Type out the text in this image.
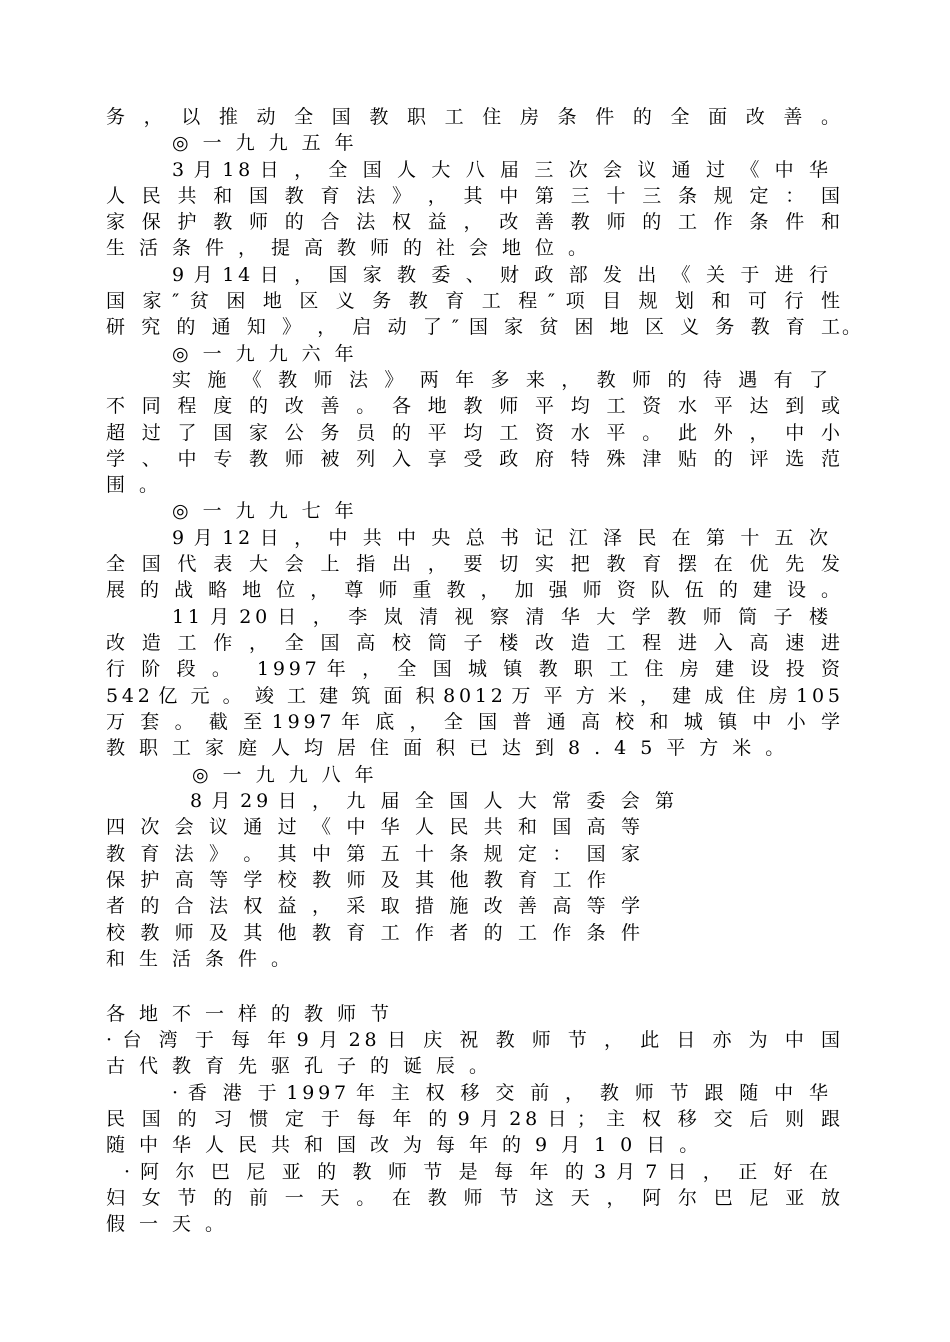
务 ， 以 推 动 全 国 教 职 工 住 房 条 件 的 全 面 改 善 。
◎一九九五年
3 月 1 8 日 ， 全 国 人 大 八 届 三 次 会 议 通 过 《 中 华
人 民 共 和 国 教 育 法 》 ， 其 中 第 三 十 三 条 规 定 ： 国
家 保 护 教 师 的 合 法 权 益 ， 改 善 教 师 的 工 作 条 件 和
生活条件，提高教师的社会地位。
9 月 1 4 日 ， 国 家 教 委 、 财 政 部 发 出 《 关 于 进 行
国 家 ″ 贫 困 地 区 义 务 教 育 工 程 ″ 项 目 规 划 和 可 行 性
研 究 的 通 知 》 ， 启 动 了 ″ 国 家 贫 困 地 区 义 务 教 育 工 。
◎一九九六年
实 施 《 教 师 法 》 两 年 多 来 ， 教 师 的 待 遇 有 了
不 同 程 度 的 改 善 。 各 地 教 师 平 均 工 资 水 平 达 到 或
超 过 了 国 家 公 务 员 的 平 均 工 资 水 平 。 此 外 ， 中 小
学 、 中 专 教 师 被 列 入 享 受 政 府 特 殊 津 贴 的 评 选 范
围。
◎一九九七年
9 月 1 2 日 ， 中 共 中 央 总 书 记 江 泽 民 在 第 十 五 次
全 国 代 表 大 会 上 指 出 ， 要 切 实 把 教 育 摆 在 优 先 发
展 的 战 略 地 位 ， 尊 师 重 教 ， 加 强 师 资 队 伍 的 建 设 。
1 1 月 2 0 日 ， 李 岚 清 视 察 清 华 大 学 教 师 筒 子 楼
改 造 工 作 ， 全 国 高 校 筒 子 楼 改 造 工 程 进 入 高 速 进
行 阶 段 。   1 9 9 7 年 ， 全 国 城 镇 教 职 工 住 房 建 设 投 资
5 4 2 亿 元 。 竣 工 建 筑 面 积 8 0 1 2 万 平 方 米 ， 建 成 住 房 1 0 5
万 套 。 截 至 1 9 9 7 年 底 ， 全 国 普 通 高 校 和 城 镇 中 小 学
教职工家庭人均居住面积已达到8.45平方米。
◎一九九八年
8 月 2 9 日 ， 九 届 全 国 人 大 常 委 会 第
四 次 会 议 通 过 《 中 华 人 民 共 和 国 高 等
教 育 法 》 。 其 中 第 五 十 条 规 定 ： 国 家
保 护 高 等 学 校 教 师 及 其 他 教 育 工 作
者 的 合 法 权 益 ， 采 取 措 施 改 善 高 等 学
校 教 师 及 其 他 教 育 工 作 者 的 工 作 条 件
和生活条件。
各地不一样的教师节
· 台 湾 于 每 年 9 月 2 8 日 庆 祝 教 师 节 ， 此 日 亦 为 中 国
古代教育先驱孔子的诞辰。
· 香 港 于 1 9 9 7 年 主 权 移 交 前 ， 教 师 节 跟 随 中 华
民 国 的 习 惯 定 于 每 年 的 9 月 2 8 日 ； 主 权 移 交 后 则 跟
随中华人民共和国改为每年的9月10日。
· 阿 尔 巴 尼 亚 的 教 师 节 是 每 年 的 3 月 7 日 ， 正 好 在
妇 女 节 的 前 一 天 。 在 教 师 节 这 天 ， 阿 尔 巴 尼 亚 放
假一天。
